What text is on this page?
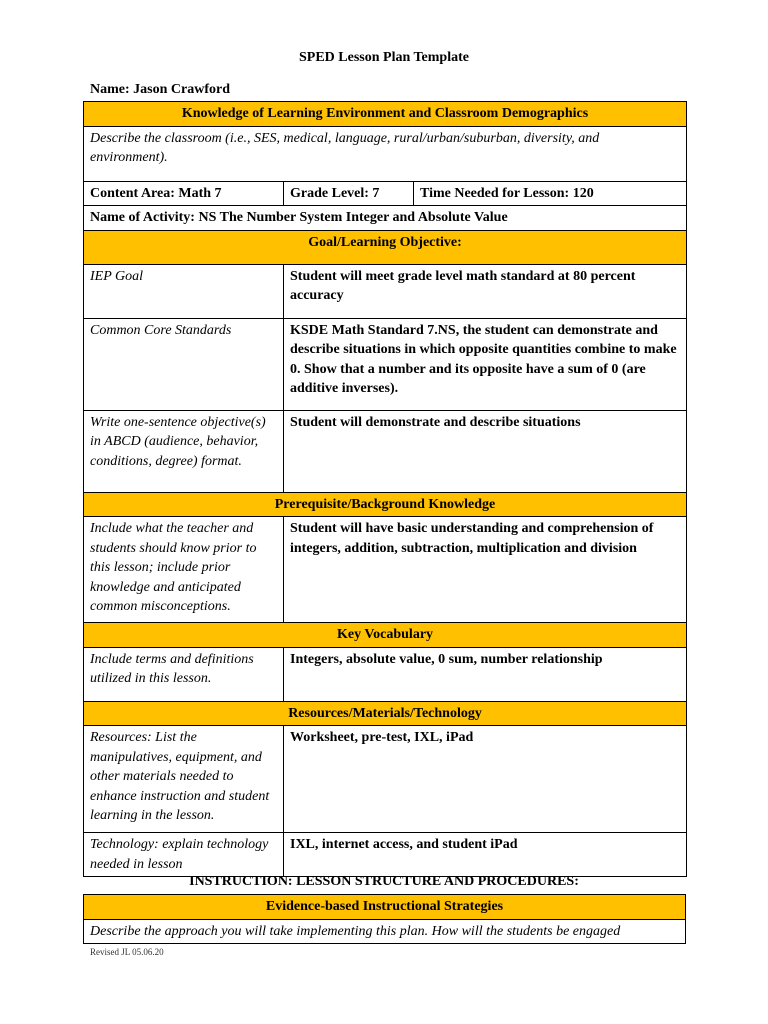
SPED Lesson Plan Template
Name: Jason Crawford
Knowledge of Learning Environment and Classroom Demographics		
Describe the classroom (i.e., SES, medical, language, rural/urban/suburban, diversity, and environment).		
Content Area: Math 7	Grade Level: 7	Time Needed for Lesson: 120
Name of Activity: NS The Number System Integer and Absolute Value		
Goal/Learning Objective:		
IEP Goal	Student will meet grade level math standard at 80 percent accuracy	
Common Core Standards	KSDE Math Standard 7.NS, the student can demonstrate and describe situations in which opposite quantities combine to make 0. Show that a number and its opposite have a sum of 0 (are additive inverses).	
Write one-sentence objective(s) in ABCD (audience, behavior, conditions, degree) format.	Student will demonstrate and describe situations	
Prerequisite/Background Knowledge		
Include what the teacher and students should know prior to this lesson; include prior knowledge and anticipated common misconceptions.	Student will have basic understanding and comprehension of integers, addition, subtraction, multiplication and division	
Key Vocabulary		
Include terms and definitions utilized in this lesson.	Integers, absolute value, 0 sum, number relationship	
Resources/Materials/Technology		
Resources: List the manipulatives, equipment, and other materials needed to enhance instruction and student learning in the lesson.	Worksheet, pre-test, IXL, iPad	
Technology: explain technology needed in lesson	IXL, internet access, and student iPad	
INSTRUCTION: LESSON STRUCTURE AND PROCEDURES:
Evidence-based Instructional Strategies
Describe the approach you will take implementing this plan. How will the students be engaged
Revised JL 05.06.20
